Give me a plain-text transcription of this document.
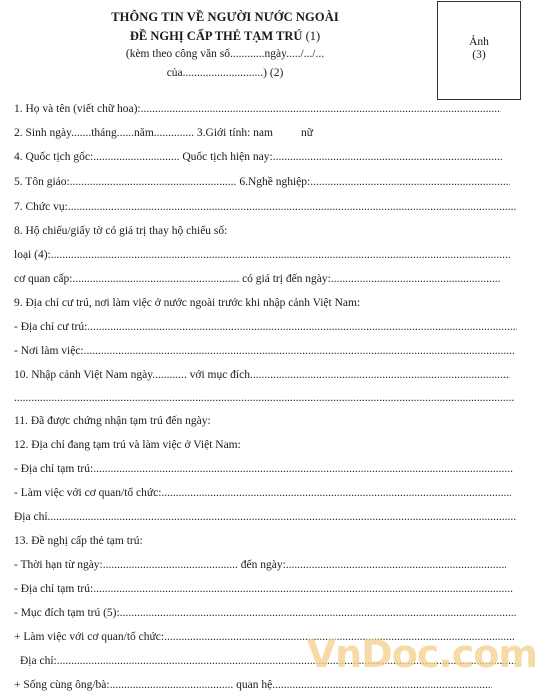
THÔNG TIN VỀ NGƯỜI NƯỚC NGOÀI
ĐỀ NGHỊ CẤP THẺ TẠM TRÚ (1)
(kèm theo công văn số............ngày...../.../...
của............................) (2)
Ảnh
(3)
1. Họ và tên (viết chữ hoa):.....
2. Sinh ngày.......tháng......năm.............. 3.Giới tính: nam nữ
4. Quốc tịch gốc:.............................. Quốc tịch hiện nay:.....
5. Tôn giáo:.......................................................... 6.Nghề nghiệp:.....
7. Chức vụ:.....
8. Hộ chiếu/giấy tờ có giá trị thay hộ chiếu số:
loại (4):.....
cơ quan cấp:.......................................................... có giá trị đến ngày:.....
9. Địa chỉ cư trú, nơi làm việc ở nước ngoài trước khi nhập cảnh Việt Nam:
- Địa chỉ cư trú:.....
- Nơi làm việc:.....
10. Nhập cảnh Việt Nam ngày............ với mục đích.....
.....
11. Đã được chứng nhận tạm trú đến ngày:
12. Địa chỉ đang tạm trú và làm việc ở Việt Nam:
- Địa chỉ tạm trú:.....
- Làm việc với cơ quan/tổ chức:.....
Địa chỉ.....
13. Đề nghị cấp thẻ tạm trú:
- Thời hạn từ ngày:............................................... đến ngày:.....
- Địa chỉ tạm trú:.....
- Mục đích tạm trú (5):.....
+ Làm việc với cơ quan/tổ chức:.....
Địa chỉ:.....
+ Sống cùng ông/bà:........................................... quan hệ.....
VnDoc.com
